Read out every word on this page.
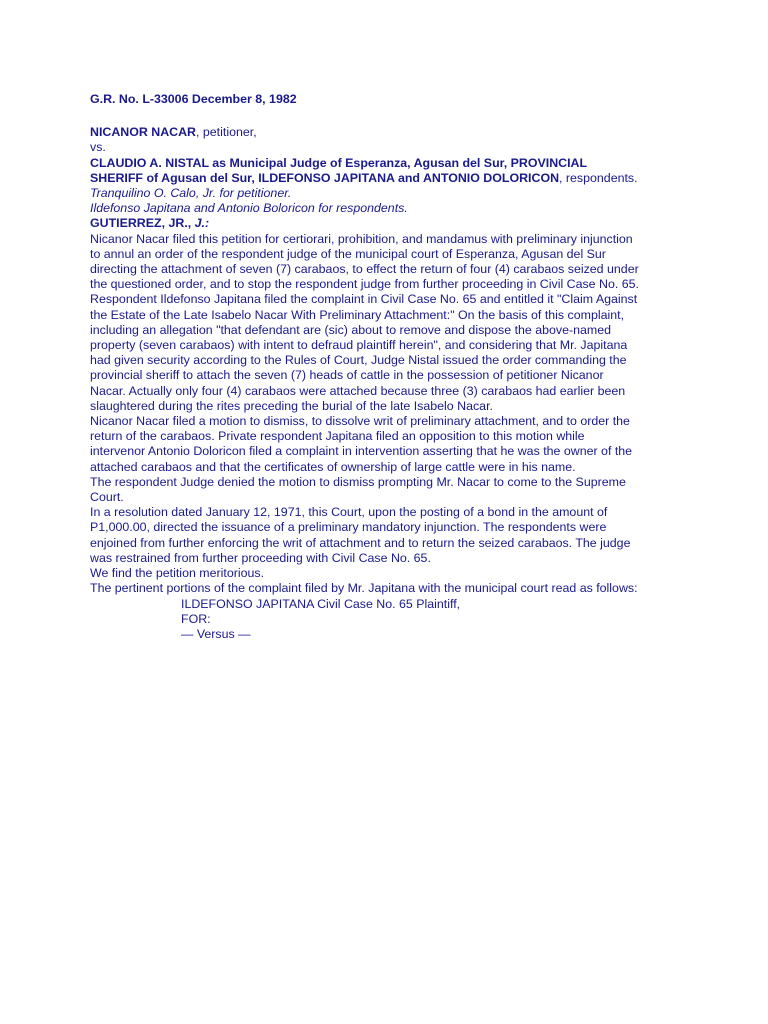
G.R. No. L-33006 December 8, 1982

NICANOR NACAR, petitioner,

vs.

CLAUDIO A. NISTAL as Municipal Judge of Esperanza, Agusan del Sur, PROVINCIAL

SHERIFF of Agusan del Sur, ILDEFONSO JAPITANA and ANTONIO DOLORICON, respondents.

Tranquilino O. Calo, Jr. for petitioner.

Ildefonso Japitana and Antonio Boloricon for respondents.

GUTIERREZ, JR., J.:

Nicanor Nacar filed this petition for certiorari, prohibition, and mandamus with preliminary injunction
to annul an order of the respondent judge of the municipal court of Esperanza, Agusan del Sur
directing the attachment of seven (7) carabaos, to effect the return of four (4) carabaos seized under
the questioned order, and to stop the respondent judge from further proceeding in Civil Case No. 65.

Respondent Ildefonso Japitana filed the complaint in Civil Case No. 65 and entitled it "Claim Against
the Estate of the Late Isabelo Nacar With Preliminary Attachment:" On the basis of this complaint,
including an allegation "that defendant are (sic) about to remove and dispose the above-named
property (seven carabaos) with intent to defraud plaintiff herein", and considering that Mr. Japitana
had given security according to the Rules of Court, Judge Nistal issued the order commanding the
provincial sheriff to attach the seven (7) heads of cattle in the possession of petitioner Nicanor
Nacar. Actually only four (4) carabaos were attached because three (3) carabaos had earlier been
slaughtered during the rites preceding the burial of the late Isabelo Nacar.

Nicanor Nacar filed a motion to dismiss, to dissolve writ of preliminary attachment, and to order the
return of the carabaos. Private respondent Japitana filed an opposition to this motion while
intervenor Antonio Doloricon filed a complaint in intervention asserting that he was the owner of the
attached carabaos and that the certificates of ownership of large cattle were in his name.

The respondent Judge denied the motion to dismiss prompting Mr. Nacar to come to the Supreme
Court.

In a resolution dated January 12, 1971, this Court, upon the posting of a bond in the amount of
P1,000.00, directed the issuance of a preliminary mandatory injunction. The respondents were
enjoined from further enforcing the writ of attachment and to return the seized carabaos. The judge
was restrained from further proceeding with Civil Case No. 65.

We find the petition meritorious.

The pertinent portions of the complaint filed by Mr. Japitana with the municipal court read as follows:

ILDEFONSO JAPITANA Civil Case No. 65 Plaintiff,

FOR:

— Versus —
